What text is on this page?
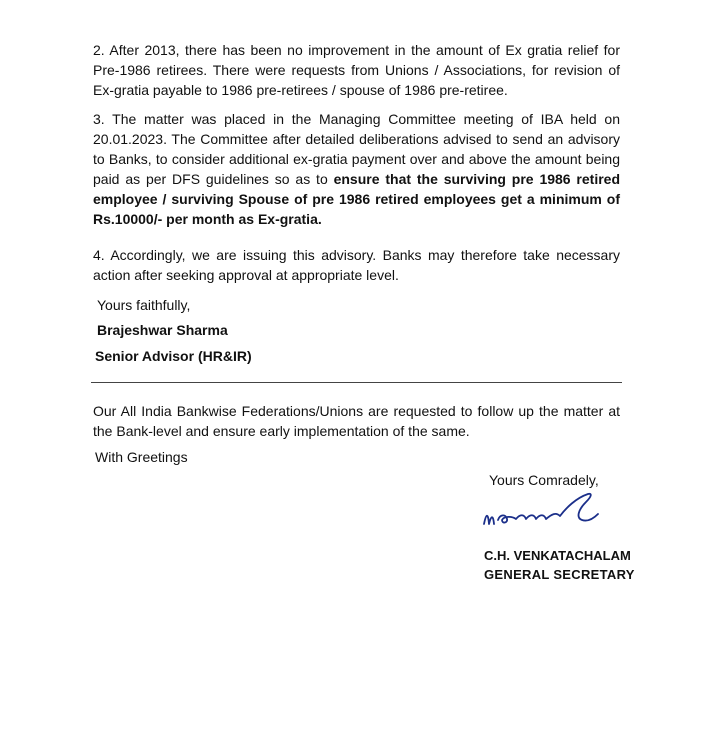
2. After 2013, there has been no improvement in the amount of Ex gratia relief for Pre-1986 retirees. There were requests from Unions / Associations, for revision of Ex-gratia payable to 1986 pre-retirees / spouse of 1986 pre-retiree.

3. The matter was placed in the Managing Committee meeting of IBA held on 20.01.2023. The Committee after detailed deliberations advised to send an advisory to Banks, to consider additional ex-gratia payment over and above the amount being paid as per DFS guidelines so as to ensure that the surviving pre 1986 retired employee / surviving Spouse of pre 1986 retired employees get a minimum of Rs.10000/- per month as Ex-gratia.

4. Accordingly, we are issuing this advisory. Banks may therefore take necessary action after seeking approval at appropriate level.

Yours faithfully,

Brajeshwar Sharma

Senior Advisor (HR&IR)

Our All India Bankwise Federations/Unions are requested to follow up the matter at the Bank-level and ensure early implementation of the same.

With Greetings

Yours Comradely,
C.H. VENKATACHALAM
GENERAL SECRETARY
